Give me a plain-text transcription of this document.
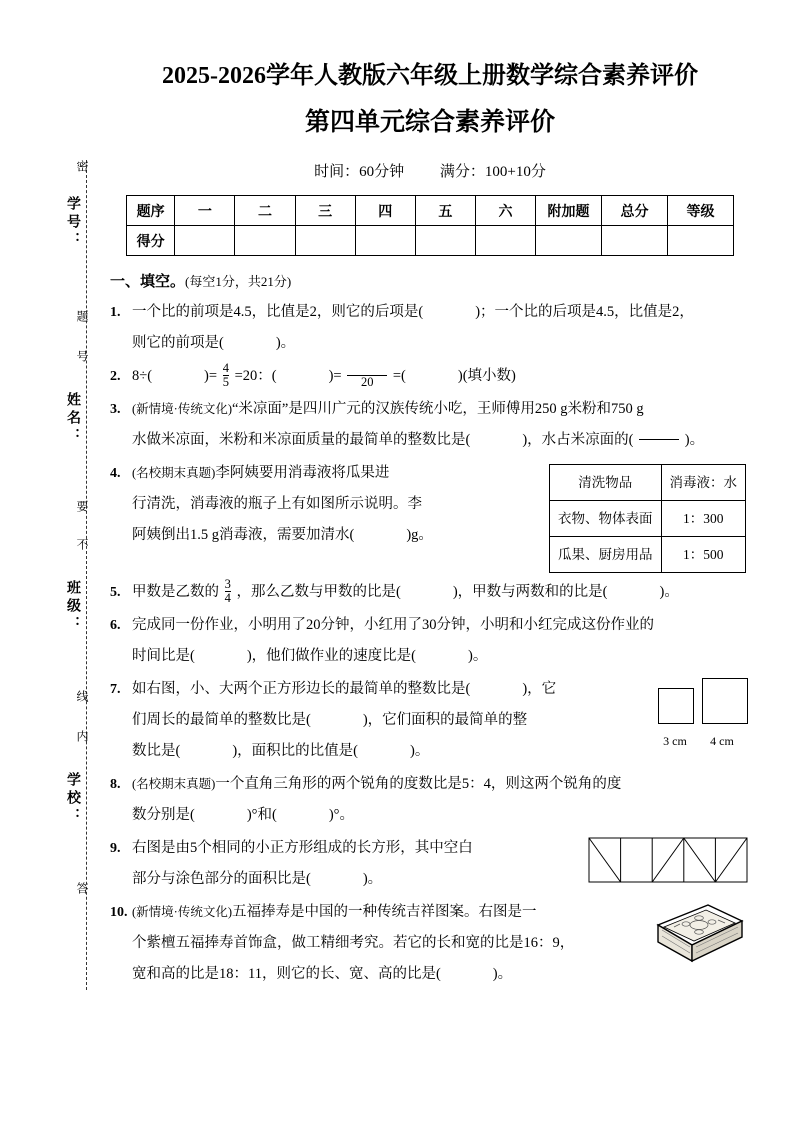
密
学号：
题
号
姓名：
要
不
班级：
线
内
学校：
答
2025-2026学年人教版六年级上册数学综合素养评价
第四单元综合素养评价
时间：60分钟 满分：100+10分
题序	一	二	三	四	五	六	附加题	总分	等级
得分									
一、填空。(每空1分，共21分)
1. 一个比的前项是4.5，比值是2，则它的后项是(	)；一个比的后项是4.5，比值是2，
则它的前项是(	)。
2. 8÷(	)= $\frac{4}{5} =20$：(	)=
	20	=(	)(填小数)
3. (新情境·传统文化)“米凉面”是四川广元的汉族传统小吃，王师傅用250 g米粉和750 g
水做米凉面，米粉和米凉面质量的最简单的整数比是(	)，水占米凉面的(

	)。
4.
清洗物品	消毒液：水
衣物、物体表面	1：300
瓜果、厨房用品	1：500
(名校期末真题)李阿姨要用消毒液将瓜果进
行清洗，消毒液的瓶子上有如图所示说明。李
阿姨倒出1.5 g消毒液，需要加清水(	)g。
5. 甲数是乙数的 $\frac{3}{4}$ ，那么乙数与甲数的比是(	)，甲数与两数和的比是(	)。
6. 完成同一份作业，小明用了20分钟，小红用了30分钟，小明和小红完成这份作业的
时间比是(	)，他们做作业的速度比是(	)。
7.
3 cm	4 cm
如右图，小、大两个正方形边长的最简单的整数比是(	)，它
们周长的最简单的整数比是(	)，它们面积的最简单的整
数比是(	)，面积比的比值是(	)。
8. (名校期末真题)一个直角三角形的两个锐角的度数比是5：4，则这两个锐角的度
数分别是(	)°和(	)°。
9. 右图是由5个相同的小正方形组成的长方形，其中空白
部分与涂色部分的面积比是(	)。
10. (新情境·传统文化)五福捧寿是中国的一种传统吉祥图案。右图是一
个紫檀五福捧寿首饰盒，做工精细考究。若它的长和宽的比是16：9，
宽和高的比是18：11，则它的长、宽、高的比是(	)。
